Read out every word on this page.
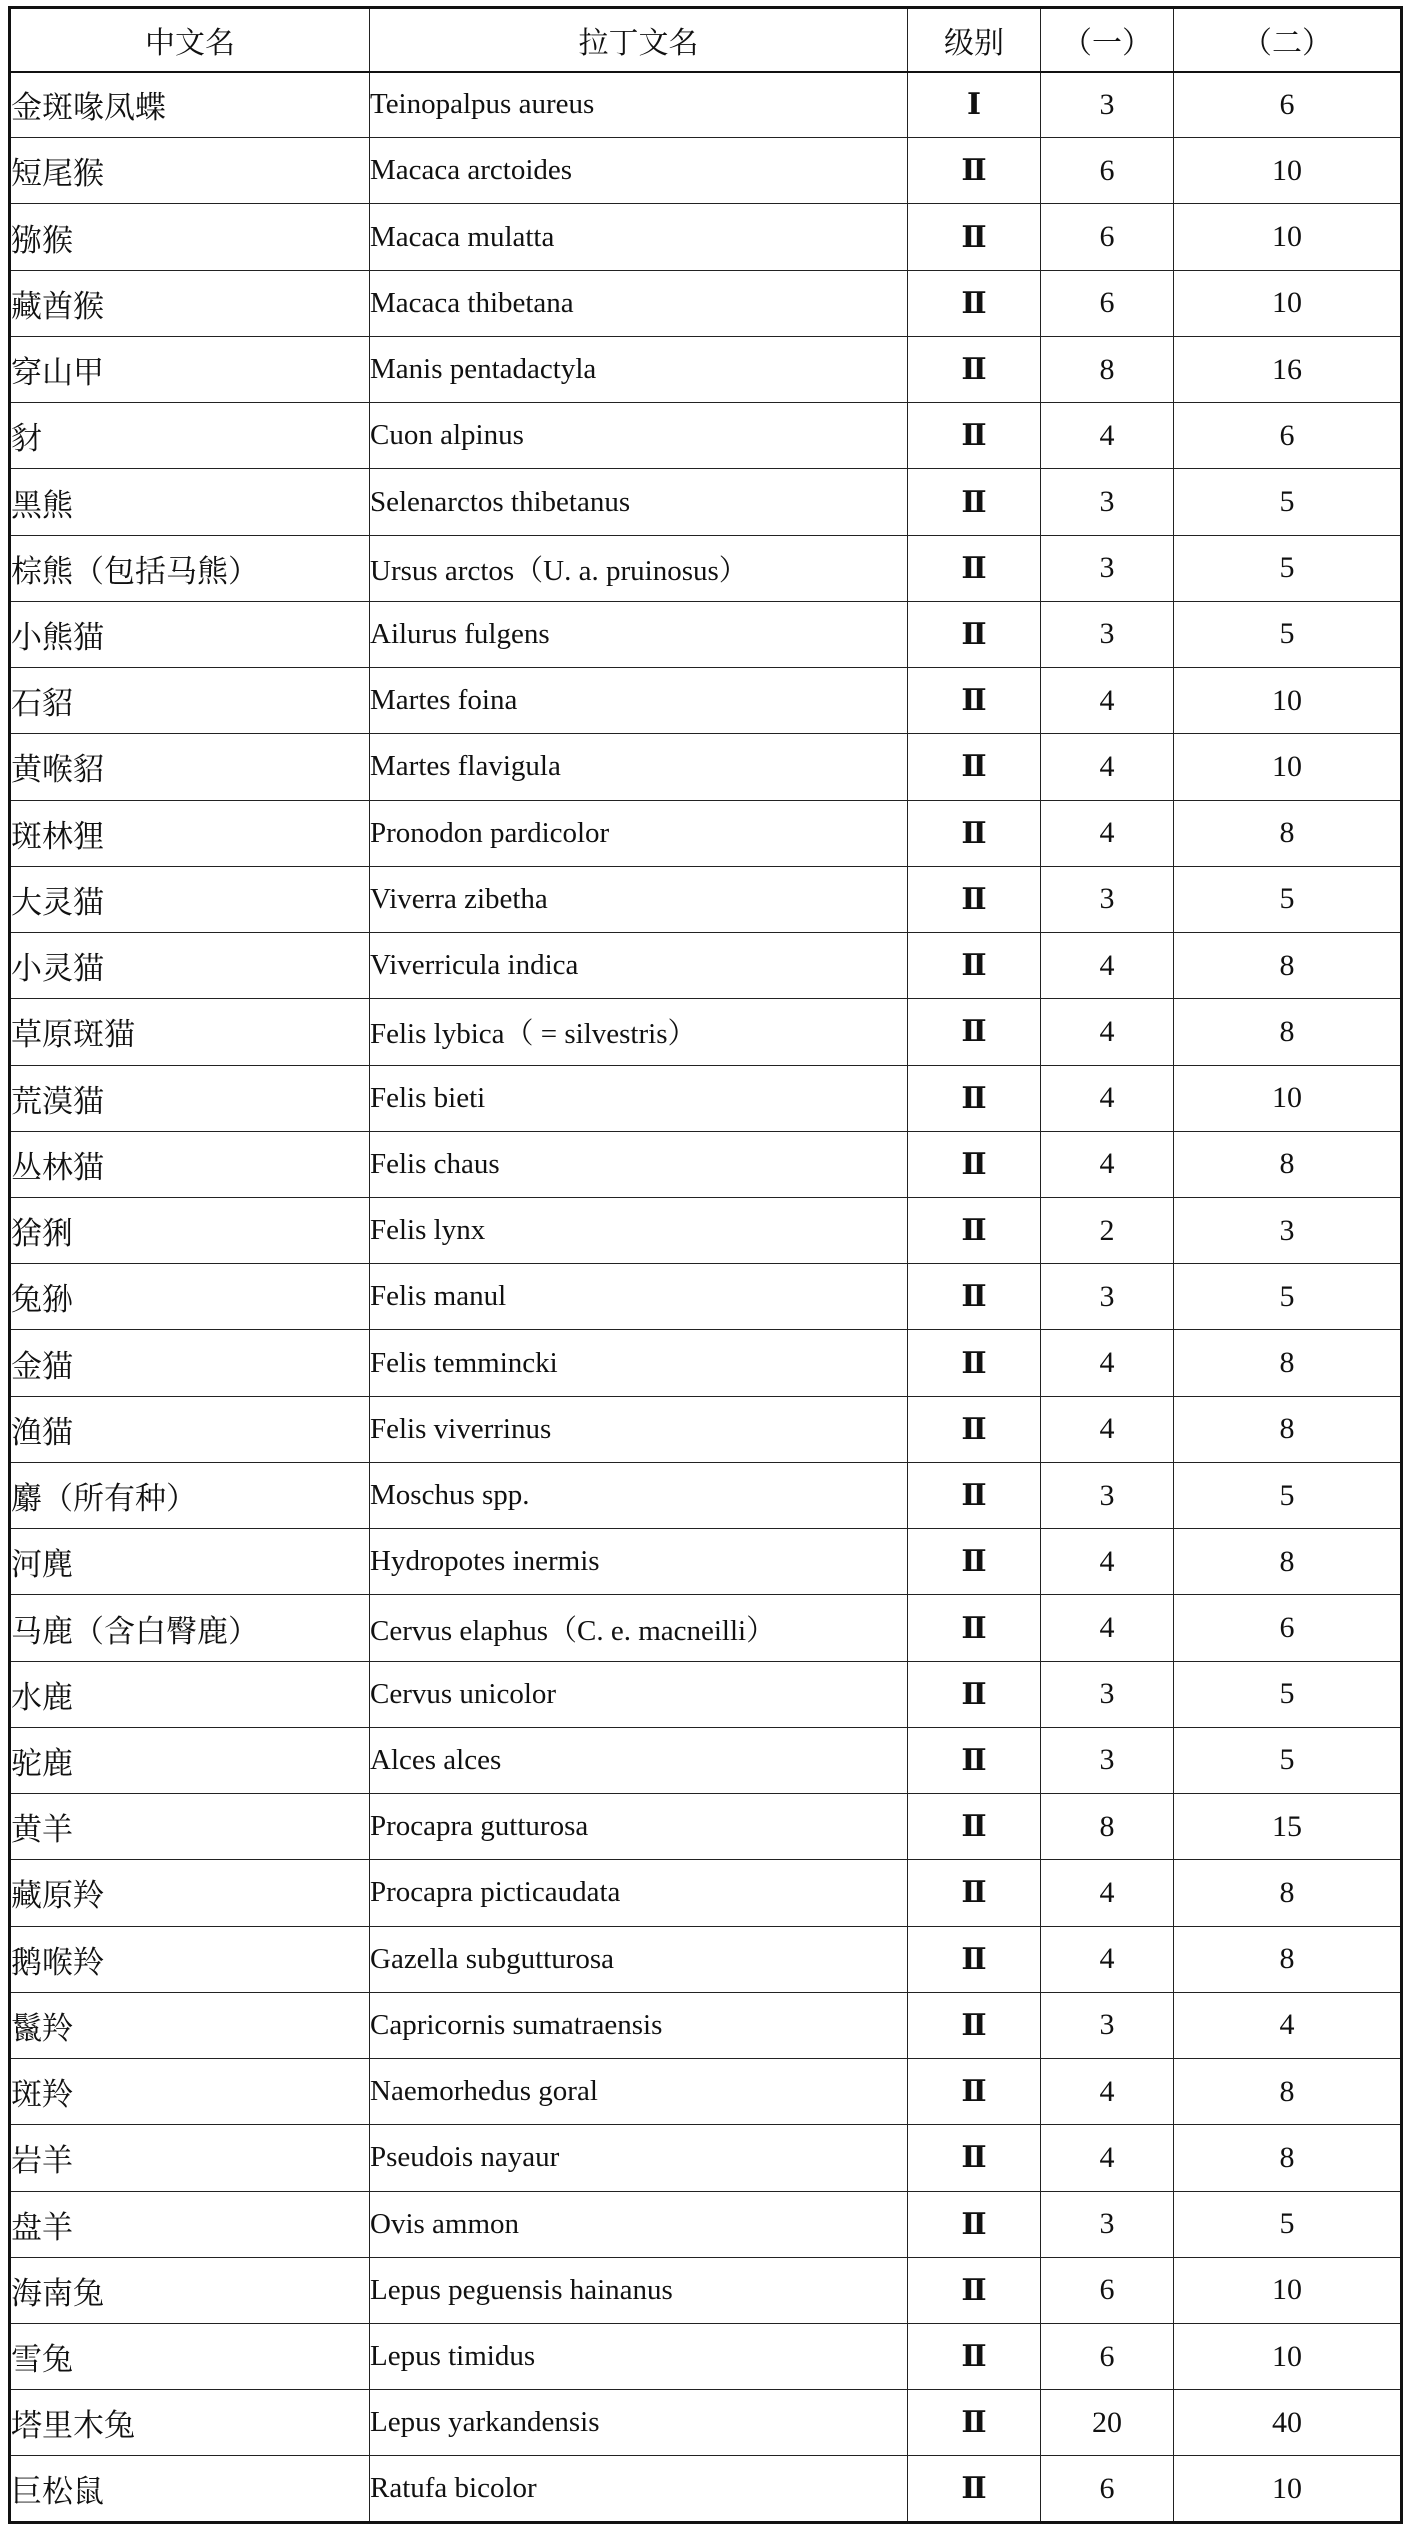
中文名	拉丁文名	级别	（一）	（二）
金斑喙凤蝶	Teinopalpus aureus	Ⅰ	3	6
短尾猴	Macaca arctoides	Ⅱ	6	10
猕猴	Macaca mulatta	Ⅱ	6	10
藏酋猴	Macaca thibetana	Ⅱ	6	10
穿山甲	Manis pentadactyla	Ⅱ	8	16
豺	Cuon alpinus	Ⅱ	4	6
黑熊	Selenarctos thibetanus	Ⅱ	3	5
棕熊（包括马熊）	Ursus arctos（U. a. pruinosus）	Ⅱ	3	5
小熊猫	Ailurus fulgens	Ⅱ	3	5
石貂	Martes foina	Ⅱ	4	10
黄喉貂	Martes flavigula	Ⅱ	4	10
斑林狸	Pronodon pardicolor	Ⅱ	4	8
大灵猫	Viverra zibetha	Ⅱ	3	5
小灵猫	Viverricula indica	Ⅱ	4	8
草原斑猫	Felis lybica（ = silvestris）	Ⅱ	4	8
荒漠猫	Felis bieti	Ⅱ	4	10
丛林猫	Felis chaus	Ⅱ	4	8
猞猁	Felis lynx	Ⅱ	2	3
兔狲	Felis manul	Ⅱ	3	5
金猫	Felis temmincki	Ⅱ	4	8
渔猫	Felis viverrinus	Ⅱ	4	8
麝（所有种）	Moschus spp.	Ⅱ	3	5
河麂	Hydropotes inermis	Ⅱ	4	8
马鹿（含白臀鹿）	Cervus elaphus（C. e. macneilli）	Ⅱ	4	6
水鹿	Cervus unicolor	Ⅱ	3	5
驼鹿	Alces alces	Ⅱ	3	5
黄羊	Procapra gutturosa	Ⅱ	8	15
藏原羚	Procapra picticaudata	Ⅱ	4	8
鹅喉羚	Gazella subgutturosa	Ⅱ	4	8
鬣羚	Capricornis sumatraensis	Ⅱ	3	4
斑羚	Naemorhedus goral	Ⅱ	4	8
岩羊	Pseudois nayaur	Ⅱ	4	8
盘羊	Ovis ammon	Ⅱ	3	5
海南兔	Lepus peguensis hainanus	Ⅱ	6	10
雪兔	Lepus timidus	Ⅱ	6	10
塔里木兔	Lepus yarkandensis	Ⅱ	20	40
巨松鼠	Ratufa bicolor	Ⅱ	6	10
